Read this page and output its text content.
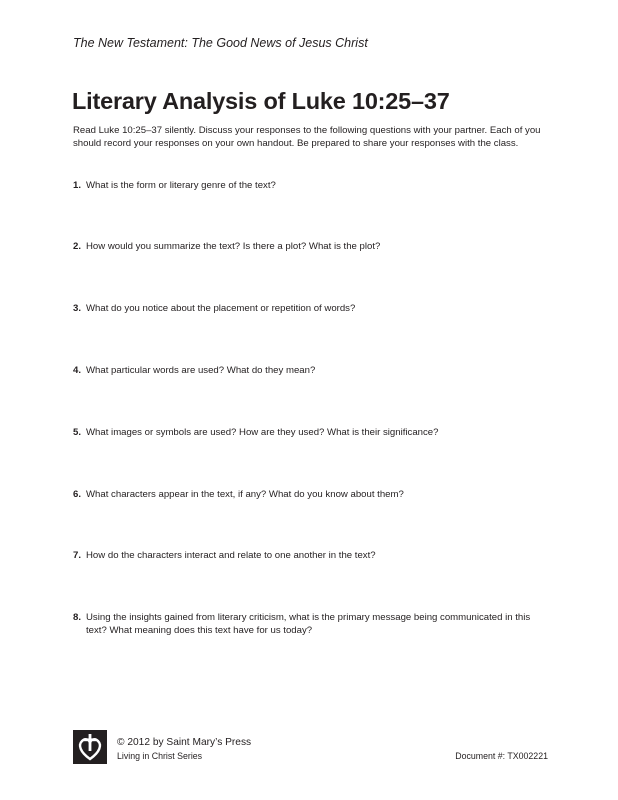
The New Testament: The Good News of Jesus Christ
Literary Analysis of Luke 10:25–37

Read Luke 10:25–37 silently. Discuss your responses to the following questions with your partner. Each of you should record your responses on your own handout. Be prepared to share your responses with the class.

1. What is the form or literary genre of the text?
2. How would you summarize the text? Is there a plot? What is the plot?
3. What do you notice about the placement or repetition of words?
4. What particular words are used? What do they mean?
5. What images or symbols are used? How are they used? What is their significance?
6. What characters appear in the text, if any? What do you know about them?
7. How do the characters interact and relate to one another in the text?
8. Using the insights gained from literary criticism, what is the primary message being communicated in this text? What meaning does this text have for us today?
© 2012 by Saint Mary’s Press
Living in Christ Series	Document #: TX002221
